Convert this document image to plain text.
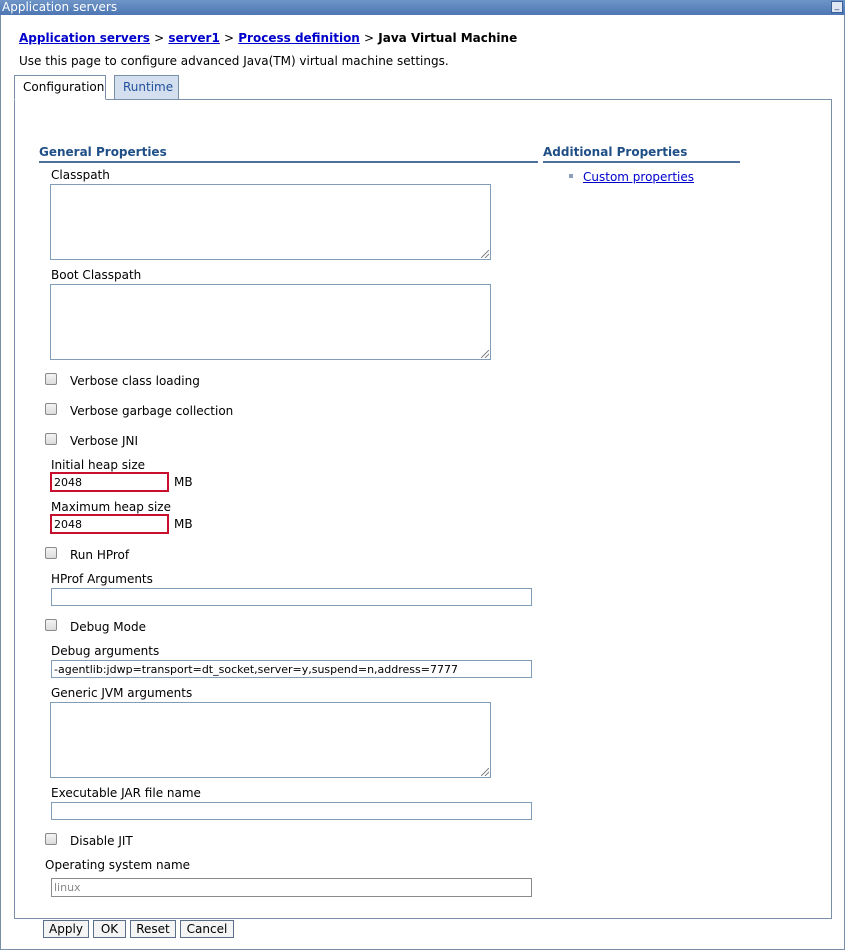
Application servers	_
Application servers > server1 > Process definition > Java Virtual Machine
Use this page to configure advanced Java(TM) virtual machine settings.
Configuration	Runtime
General Properties	Additional Properties
Custom properties
Classpath
Boot Classpath
Verbose class loading
Verbose garbage collection
Verbose JNI
Initial heap size
2048
MB
Maximum heap size
2048
MB
Run HProf
HProf Arguments
Debug Mode
Debug arguments
-agentlib:jdwp=transport=dt_socket,server=y,suspend=n,address=7777
Generic JVM arguments
Executable JAR file name
Disable JIT
Operating system name
linux
Apply	OK	Reset	Cancel
